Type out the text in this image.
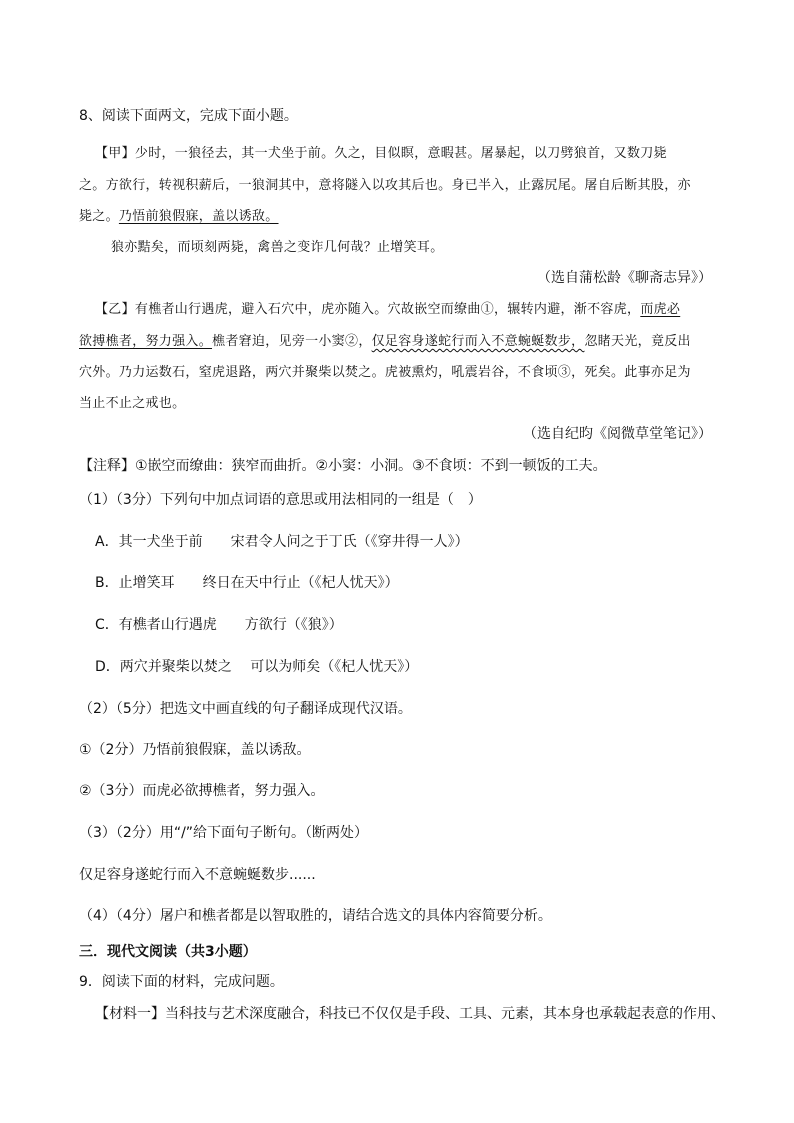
8、阅读下面两文，完成下面小题。
【甲】少时，一狼径去，其一犬坐于前。久之，目似瞑，意暇甚。屠暴起，以刀劈狼首，又数刀毙
之。方欲行，转视积薪后，一狼洞其中，意将隧入以攻其后也。身已半入，止露尻尾。屠自后断其股，亦
毙之。乃悟前狼假寐，盖以诱敌。
狼亦黠矣，而顷刻两毙，禽兽之变诈几何哉？止增笑耳。
（选自蒲松龄《聊斋志异》）
【乙】有樵者山行遇虎，避入石穴中，虎亦随入。穴故嵌空而缭曲①，辗转内避，渐不容虎，而虎必
欲搏樵者，努力强入。樵者窘迫，见旁一小窦②，仅足容身遂蛇行而入不意蜿蜒数步，忽睹天光，竟反出
穴外。乃力运数石，窒虎退路，两穴并聚柴以焚之。虎被熏灼，吼震岩谷，不食顷③，死矣。此事亦足为
当止不止之戒也。
（选自纪昀《阅微草堂笔记》）
【注释】①嵌空而缭曲：狭窄而曲折。②小窦：小洞。③不食顷：不到一顿饭的工夫。
（1）（3分）下列句中加点词语的意思或用法相同的一组是（　）
A．其一犬坐于前　　宋君令人问之于丁氏（《穿井得一人》）
B．止增笑耳　　终日在天中行止（《杞人忧天》）
C．有樵者山行遇虎　　方欲行（《狼》）
D．两穴并聚柴以焚之　 可以为师矣（《杞人忧天》）
（2）（5分）把选文中画直线的句子翻译成现代汉语。
①（2分）乃悟前狼假寐，盖以诱敌。
②（3分）而虎必欲搏樵者，努力强入。
（3）（2分）用“/”给下面句子断句。（断两处）
仅足容身遂蛇行而入不意蜿蜒数步......
（4）（4分）屠户和樵者都是以智取胜的，请结合选文的具体内容简要分析。
三．现代文阅读（共3小题）
9．阅读下面的材料，完成问题。
【材料一】当科技与艺术深度融合，科技已不仅仅是手段、工具、元素，其本身也承载起表意的作用、
